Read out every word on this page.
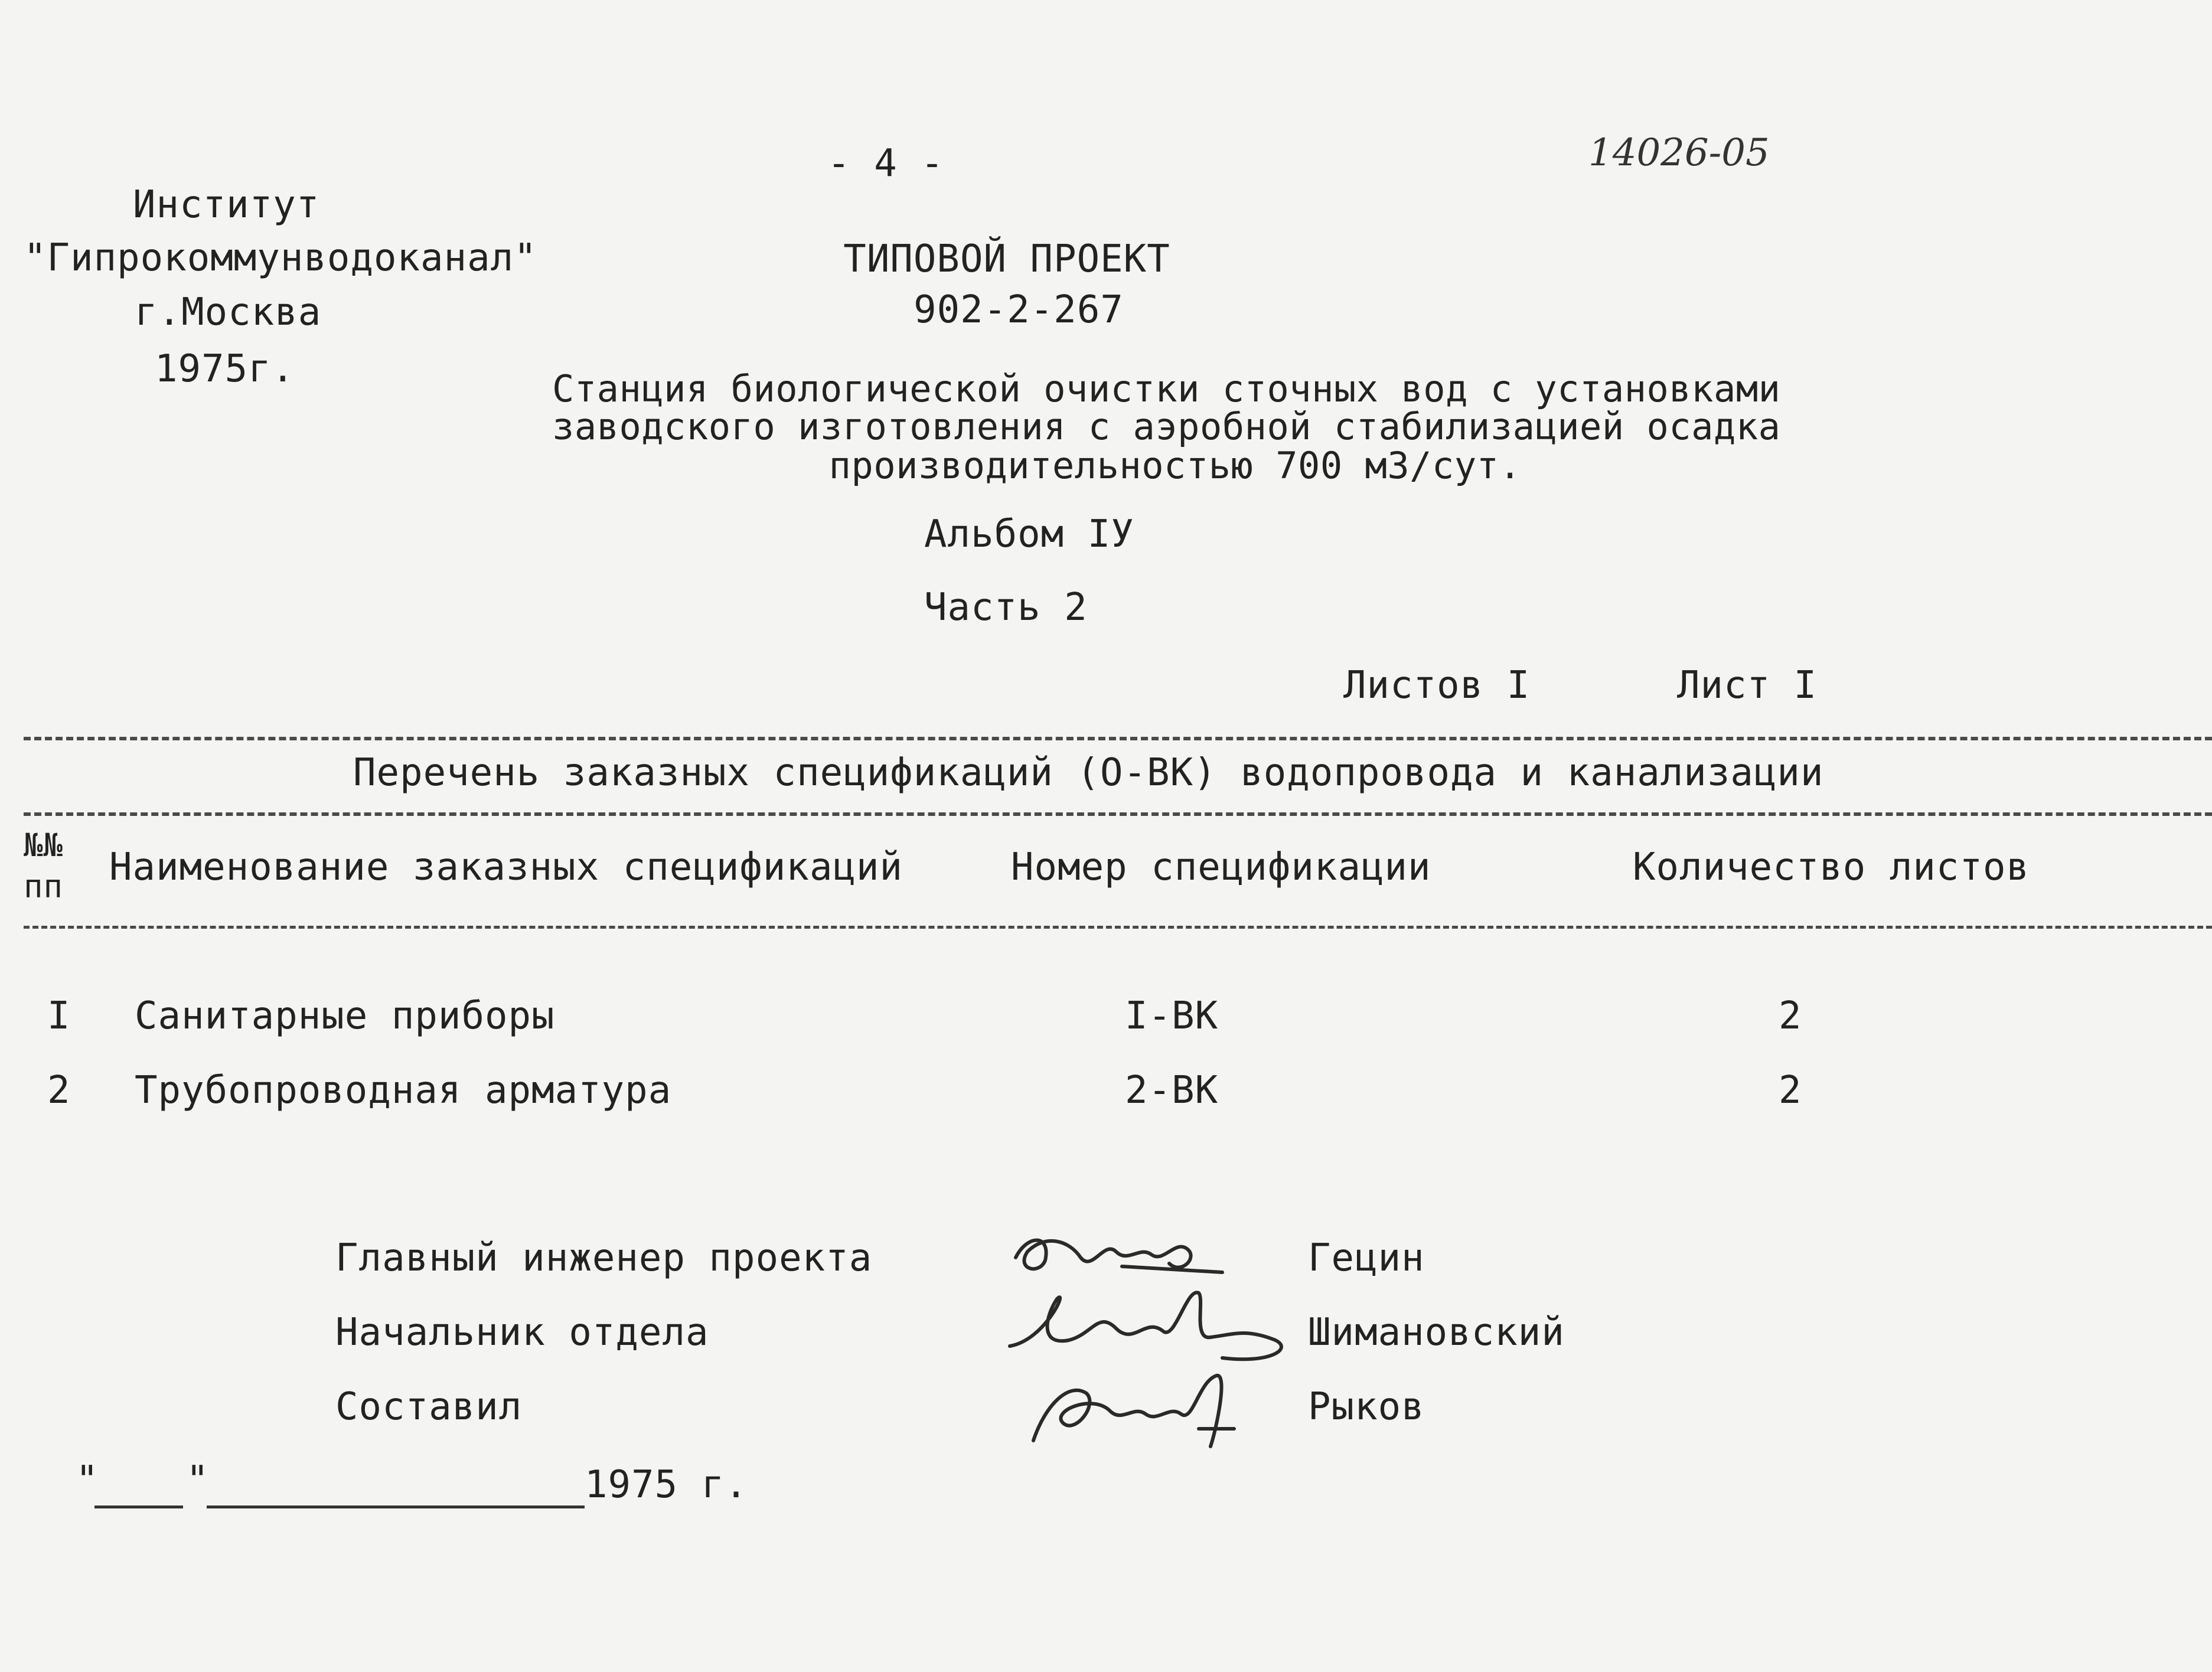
- 4 -	14026-05
Институт
"Гипрокоммунводоканал"
г.Москва
1975г.
ТИПОВОЙ ПРОЕКТ
902-2-267
Станция биологической очистки сточных вод с установками
заводского изготовления с аэробной стабилизацией осадка
производительностью 700 м3/сут.
Альбом IУ
Часть 2
Листов I	Лист I
Перечень заказных спецификаций (О-ВК) водопровода и канализации
№№
пп Наименование заказных спецификаций	Номер спецификации	Количество листов
I Санитарные приборы	I-ВК	2
2 Трубопроводная арматура	2-ВК	2
Главный инженер проекта
Начальник отдела
Составил
Гецин
Шимановский
Рыков
" "	1975 г.
